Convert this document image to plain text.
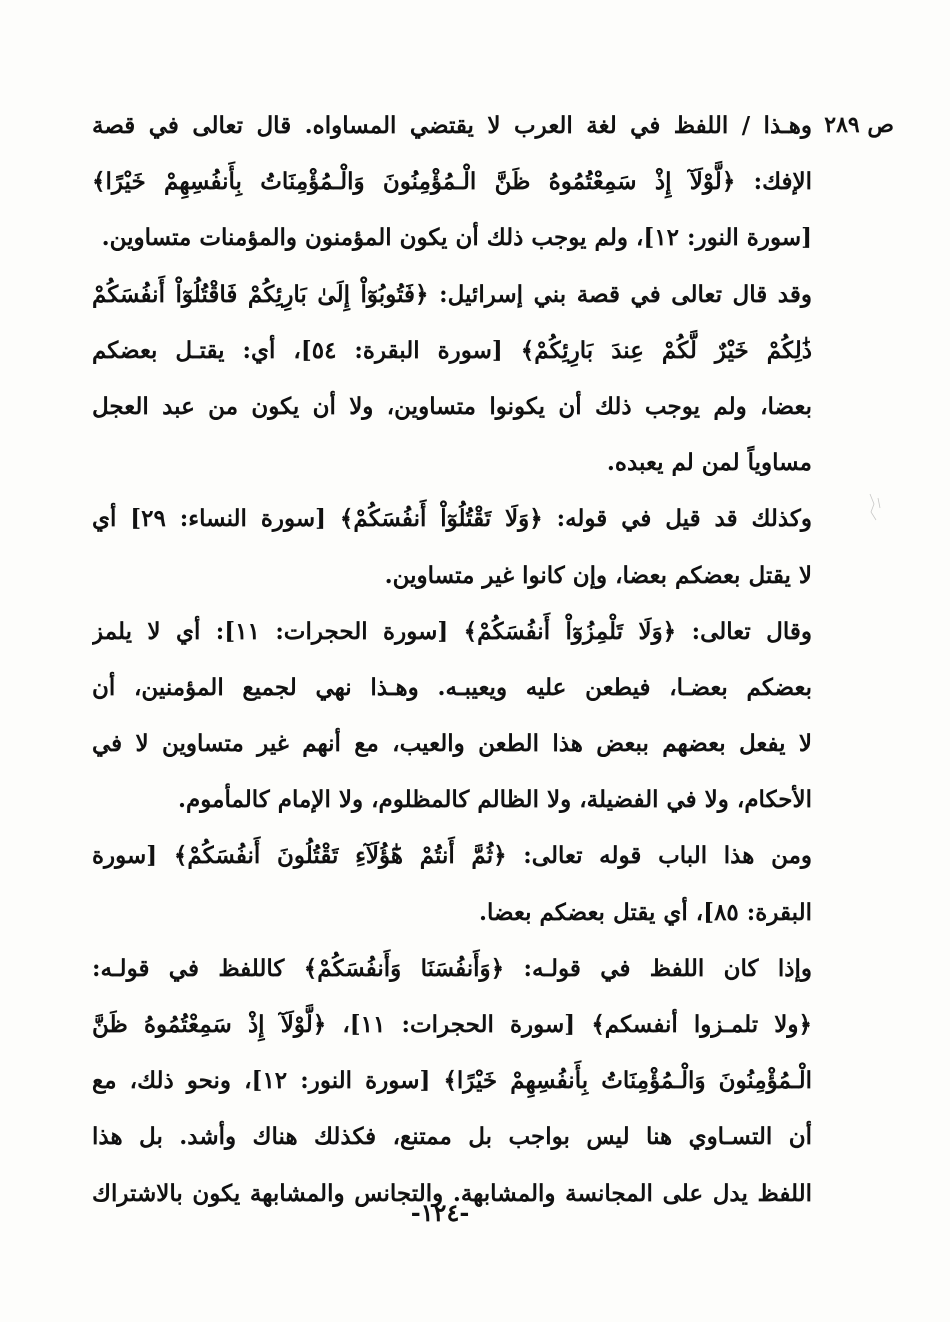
ص ٢٨٩
وهـذا / اللفظ في لغة العرب لا يقتضي المساواه. قال تعالى في قصة
الإفك: ﴿لَّوْلَآ إِذْ سَمِعْتُمُوهُ ظَنَّ الْـمُؤْمِنُونَ وَالْـمُؤْمِنَاتُ بِأَنفُسِهِمْ خَيْرًا﴾
[سورة النور: ١٢]، ولم يوجب ذلك أن يكون المؤمنون والمؤمنات متساوين.
وقد قال تعالى في قصة بني إسرائيل: ﴿فَتُوبُوٓاْ إِلَىٰ بَارِئِكُمْ فَاقْتُلُوٓاْ أَنفُسَكُمْ
ذَٰلِكُمْ خَيْرٌ لَّكُمْ عِندَ بَارِئِكُمْ﴾ [سورة البقرة: ٥٤]، أي: يقتـل بعضكم
بعضا، ولم يوجب ذلك أن يكونوا متساوين، ولا أن يكون من عبد العجل
مساوياً لمن لم يعبده.
وكذلك قد قيل في قوله: ﴿وَلَا تَقْتُلُوٓاْ أَنفُسَكُمْ﴾ [سورة النساء: ٢٩] أي
لا يقتل بعضكم بعضا، وإن كانوا غير متساوين.
وقال تعالى: ﴿وَلَا تَلْمِزُوٓاْ أَنفُسَكُمْ﴾ [سورة الحجرات: ١١]: أي لا يلمز
بعضكم بعضـا، فيطعن عليه ويعيبـه. وهـذا نهي لجميع المؤمنين، أن
لا يفعل بعضهم ببعض هذا الطعن والعيب، مع أنهم غير متساوين لا في
الأحكام، ولا في الفضيلة، ولا الظالم كالمظلوم، ولا الإمام كالمأموم.
ومن هذا الباب قوله تعالى: ﴿ثُمَّ أَنتُمْ هَٰٓؤُلَآءِ تَقْتُلُونَ أَنفُسَكُمْ﴾ [سورة
البقرة: ٨٥]، أي يقتل بعضكم بعضا.
وإذا كان اللفظ في قولـه: ﴿وَأَنفُسَنَا وَأَنفُسَكُمْ﴾ كاللفظ في قولـه:
﴿ولا تلمـزوا أنفسكم﴾ [سورة الحجرات: ١١]، ﴿لَّوْلَآ إِذْ سَمِعْتُمُوهُ ظَنَّ
الْـمُؤْمِنُونَ وَالْـمُؤْمِنَاتُ بِأَنفُسِهِمْ خَيْرًا﴾ [سورة النور: ١٢]، ونحو ذلك، مع
أن التسـاوي هنا ليس بواجب بل ممتنع، فكذلك هناك وأشد. بل هذا
اللفظ يدل على المجانسة والمشابهة. والتجانس والمشابهة يكون بالاشتراك
-١٢٤-
